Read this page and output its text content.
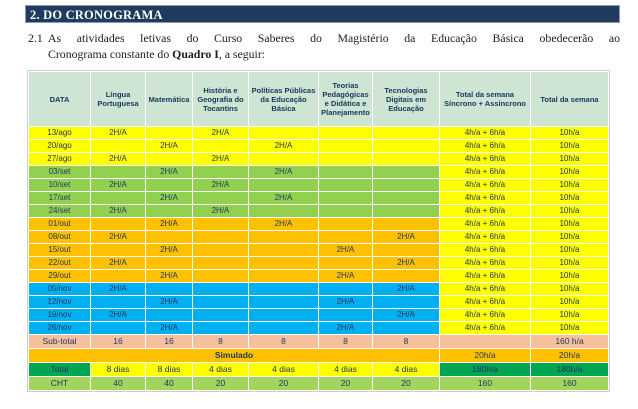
2. DO CRONOGRAMA
2.1 As atividades letivas do Curso Saberes do Magistério da Educação Básica obedecerão ao
Cronograma constante do Quadro I, a seguir:
DATA	Língua Portuguesa	Matemática	História e Geografia do Tocantins	Políticas Públicas da Educação Básica	Teorias Pedagógicas e Didática e Planejamento	Tecnologias Digitais em Educação	Total da semana Síncrono + Assíncrono	Total da semana
13/ago	2H/A		2H/A				4h/a + 6h/a	10h/a
20/ago		2H/A		2H/A			4h/a + 6h/a	10h/a
27/ago	2H/A		2H/A				4h/a + 6h/a	10h/a
03/set		2H/A		2H/A			4h/a + 6h/a	10h/a
10/set	2H/A		2H/A				4h/a + 6h/a	10h/a
17/set		2H/A		2H/A			4h/a + 6h/a	10h/a
24/set	2H/A		2H/A				4h/a + 6h/a	10h/a
01/out		2H/A		2H/A			4h/a + 6h/a	10h/a
08/out	2H/A					2H/A	4h/a + 6h/a	10h/a
15/out		2H/A			2H/A		4h/a + 6h/a	10h/a
22/out	2H/A					2H/A	4h/a + 6h/a	10h/a
29/out		2H/A			2H/A		4h/a + 6h/a	10h/a
05/nov	2H/A					2H/A	4h/a + 6h/a	10h/a
12/nov		2H/A			2H/A		4h/a + 6h/a	10h/a
19/nov	2H/A					2H/A	4h/a + 6h/a	10h/a
26/nov		2H/A			2H/A		4h/a + 6h/a	10h/a
Sub-total	16	16	8	8	8	8		160 h/a
Simulado							20h/a	20h/a
Total	8 dias	8 dias	4 dias	4 dias	4 dias	4 dias	180h/a	180h/a
CHT	40	40	20	20	20	20	160	160
